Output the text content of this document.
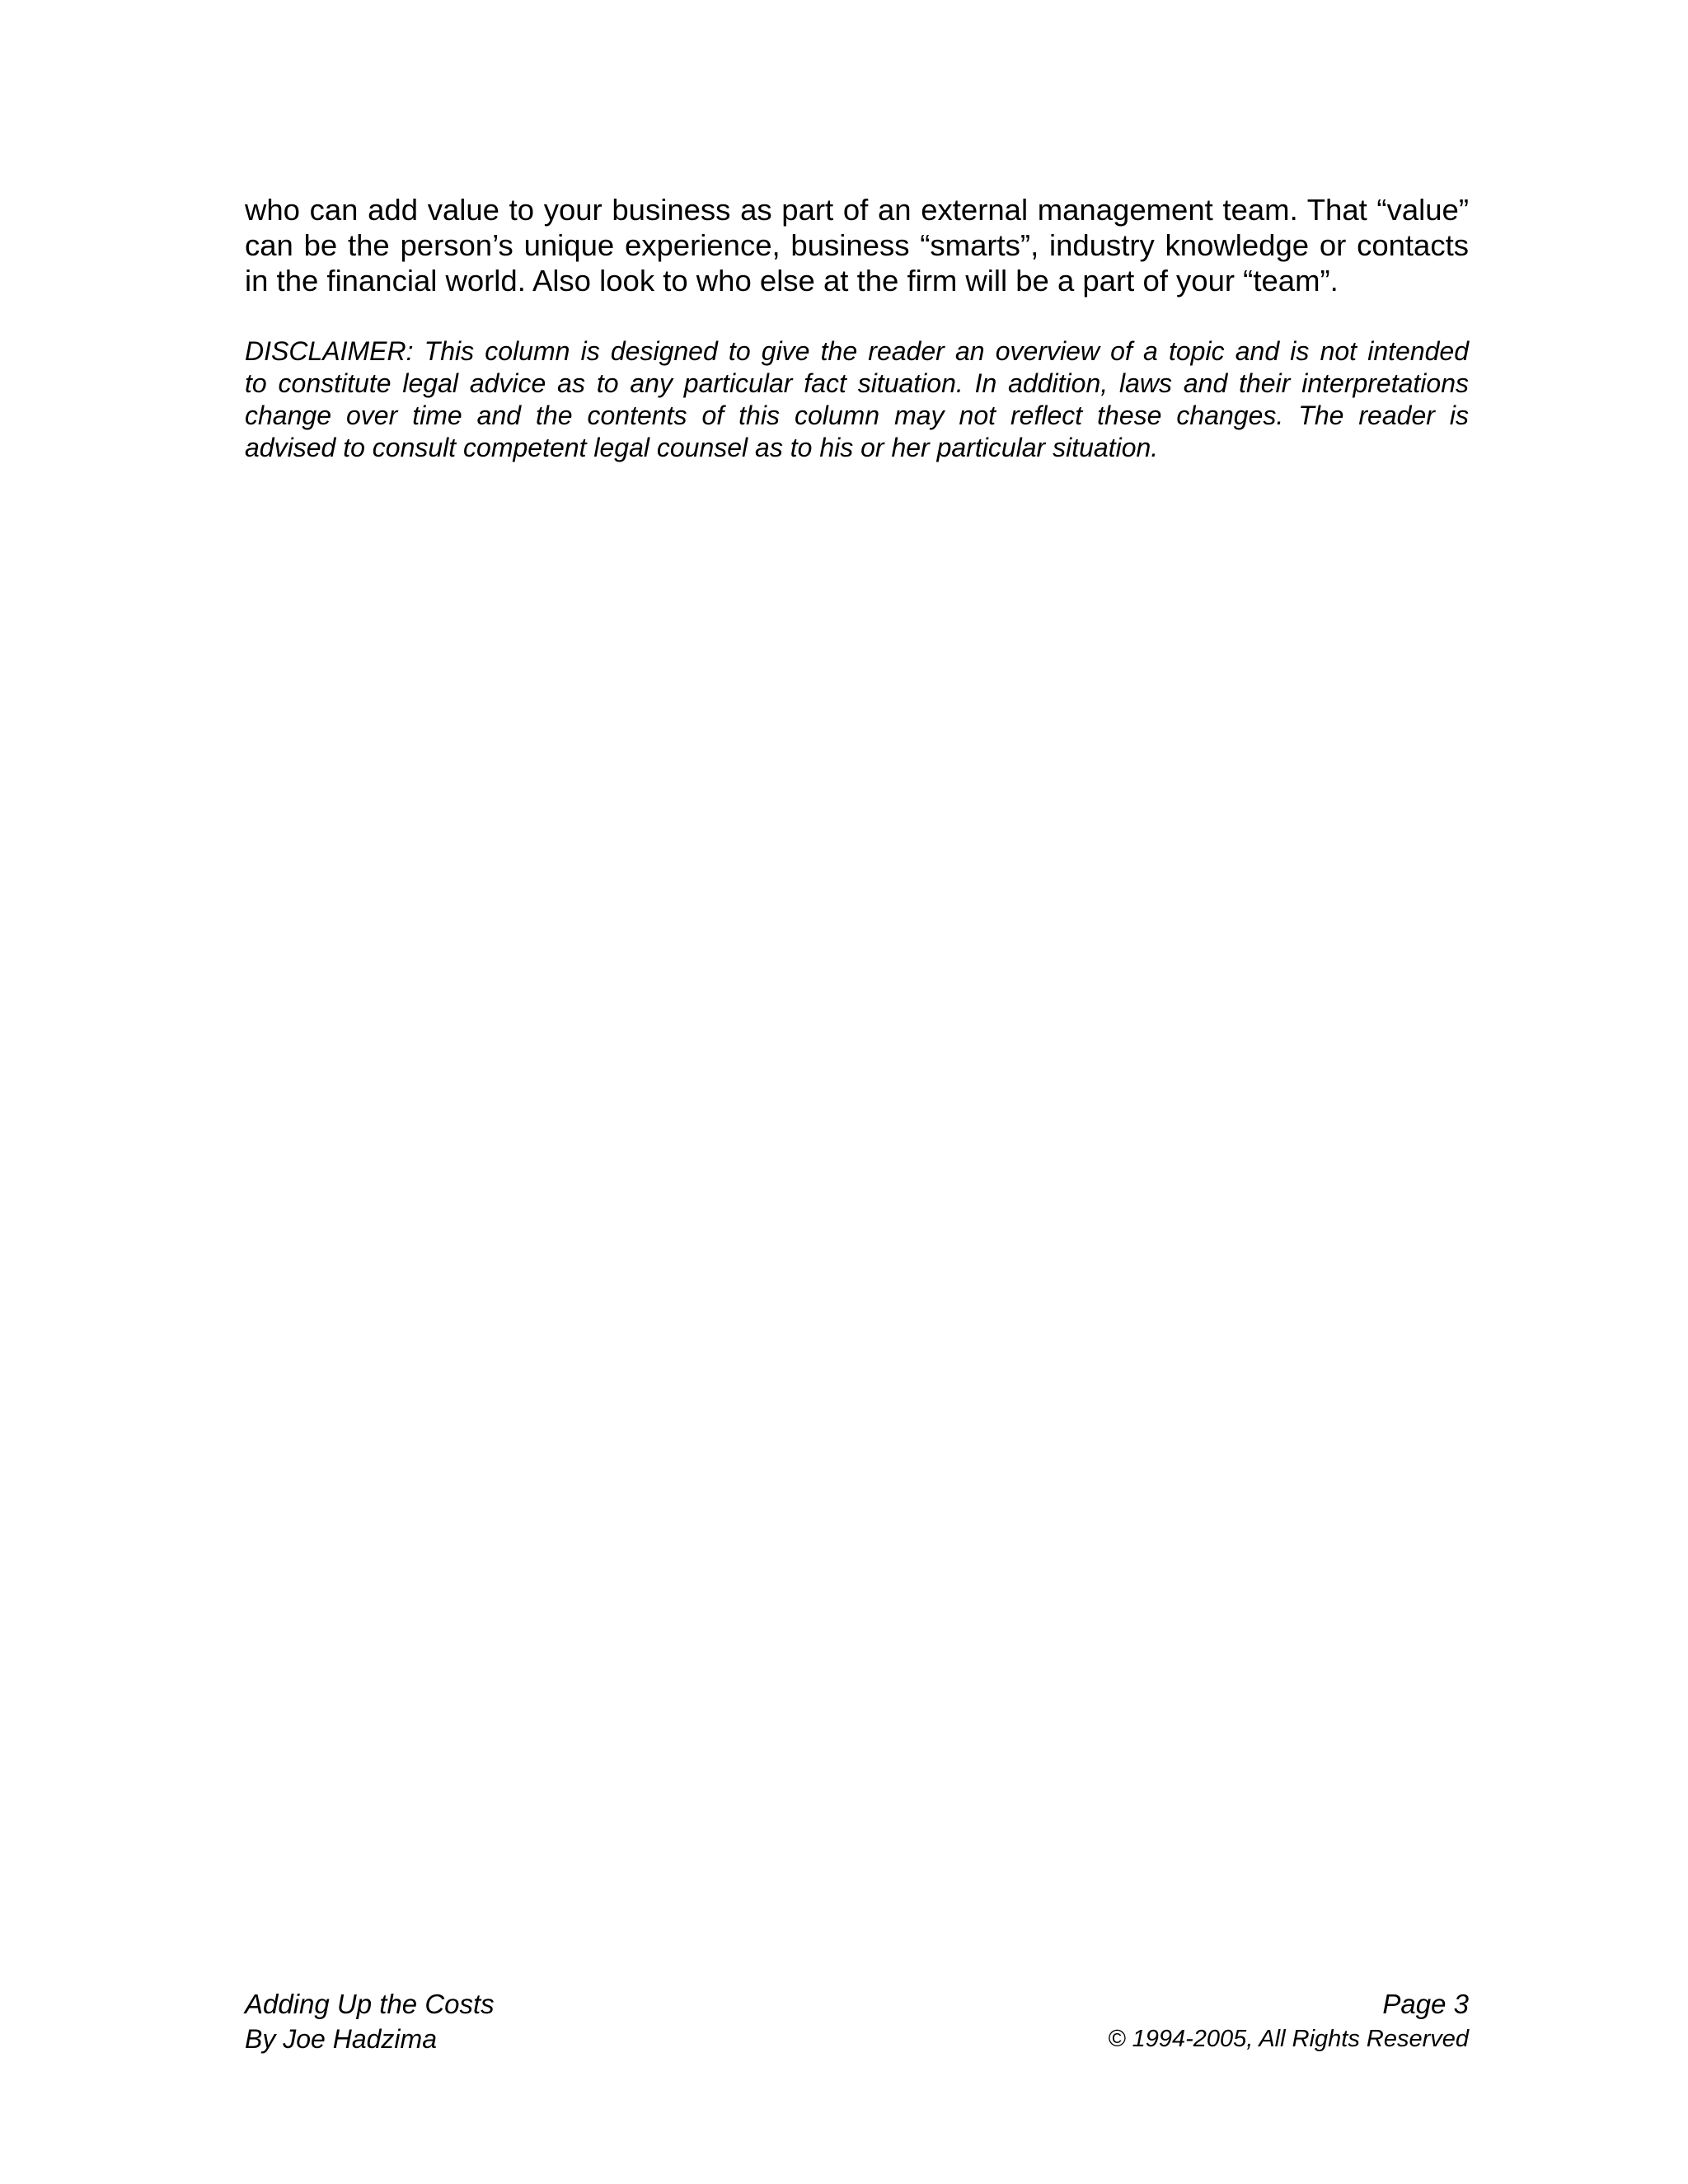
who can add value to your business as part of an external management team. That “value”
can be the person’s unique experience, business “smarts”, industry knowledge or contacts
in the financial world. Also look to who else at the firm will be a part of your “team”.

DISCLAIMER: This column is designed to give the reader an overview of a topic and is not intended
to constitute legal advice as to any particular fact situation. In addition, laws and their interpretations
change over time and the contents of this column may not reflect these changes. The reader is
advised to consult competent legal counsel as to his or her particular situation.

Adding Up the Costs
By Joe Hadzima
Page 3
© 1994-2005, All Rights Reserved
